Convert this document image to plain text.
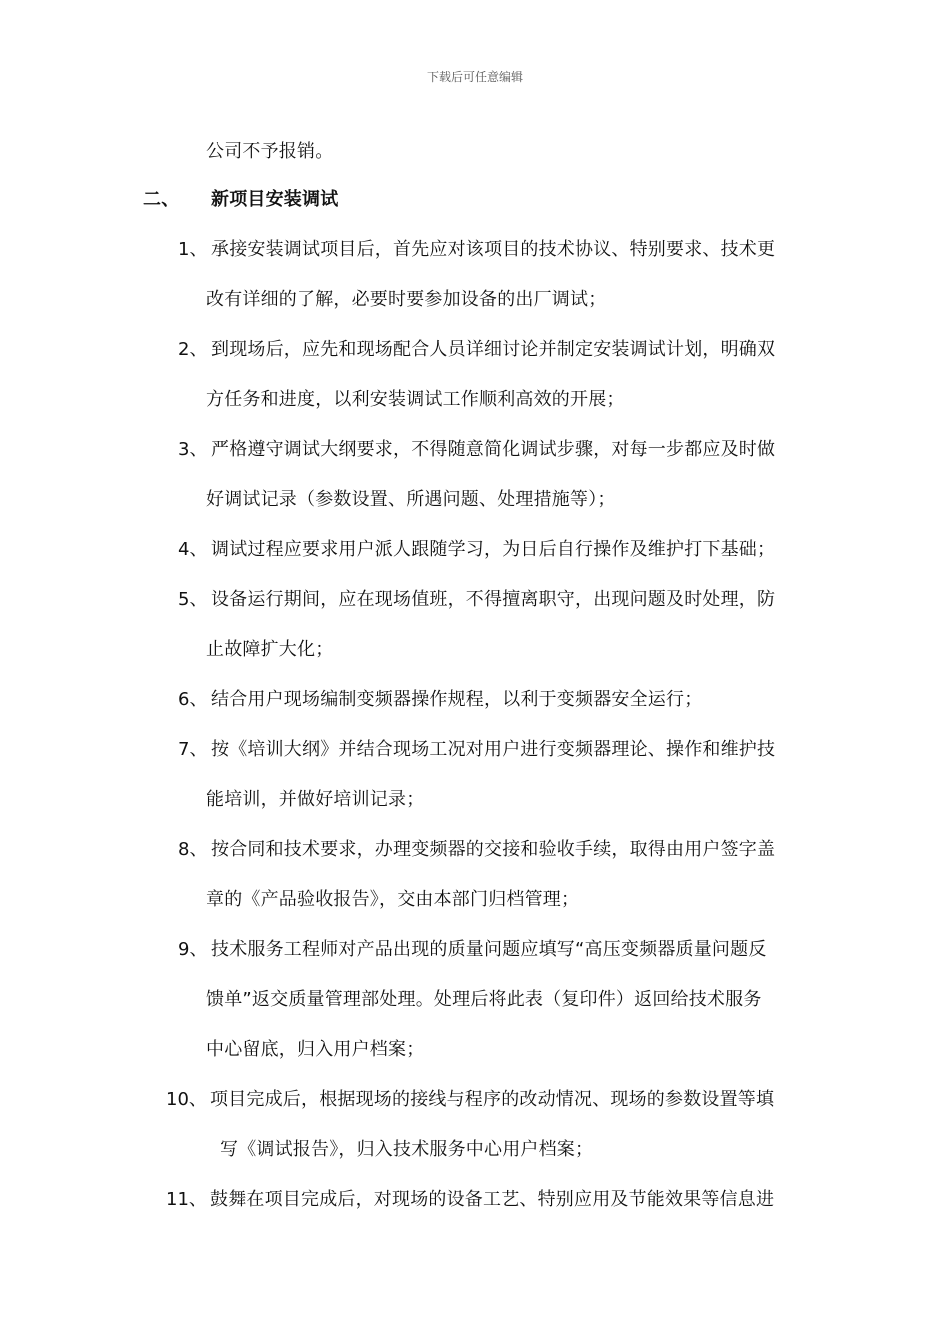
下载后可任意编辑
公司不予报销。
二、 新项目安装调试
1、 承接安装调试项目后，首先应对该项目的技术协议、特别要求、技术更
改有详细的了解，必要时要参加设备的出厂调试；
2、 到现场后，应先和现场配合人员详细讨论并制定安装调试计划，明确双
方任务和进度，以利安装调试工作顺利高效的开展；
3、 严格遵守调试大纲要求，不得随意简化调试步骤，对每一步都应及时做
好调试记录（参数设置、所遇问题、处理措施等）；
4、 调试过程应要求用户派人跟随学习，为日后自行操作及维护打下基础；
5、 设备运行期间，应在现场值班，不得擅离职守，出现问题及时处理，防
止故障扩大化；
6、 结合用户现场编制变频器操作规程，以利于变频器安全运行；
7、 按《培训大纲》并结合现场工况对用户进行变频器理论、操作和维护技
能培训，并做好培训记录；
8、 按合同和技术要求，办理变频器的交接和验收手续，取得由用户签字盖
章的《产品验收报告》，交由本部门归档管理；
9、 技术服务工程师对产品出现的质量问题应填写“高压变频器质量问题反
馈单”返交质量管理部处理。处理后将此表（复印件）返回给技术服务
中心留底，归入用户档案；
10、 项目完成后，根据现场的接线与程序的改动情况、现场的参数设置等填
写《调试报告》，归入技术服务中心用户档案；
11、 鼓舞在项目完成后，对现场的设备工艺、特别应用及节能效果等信息进
